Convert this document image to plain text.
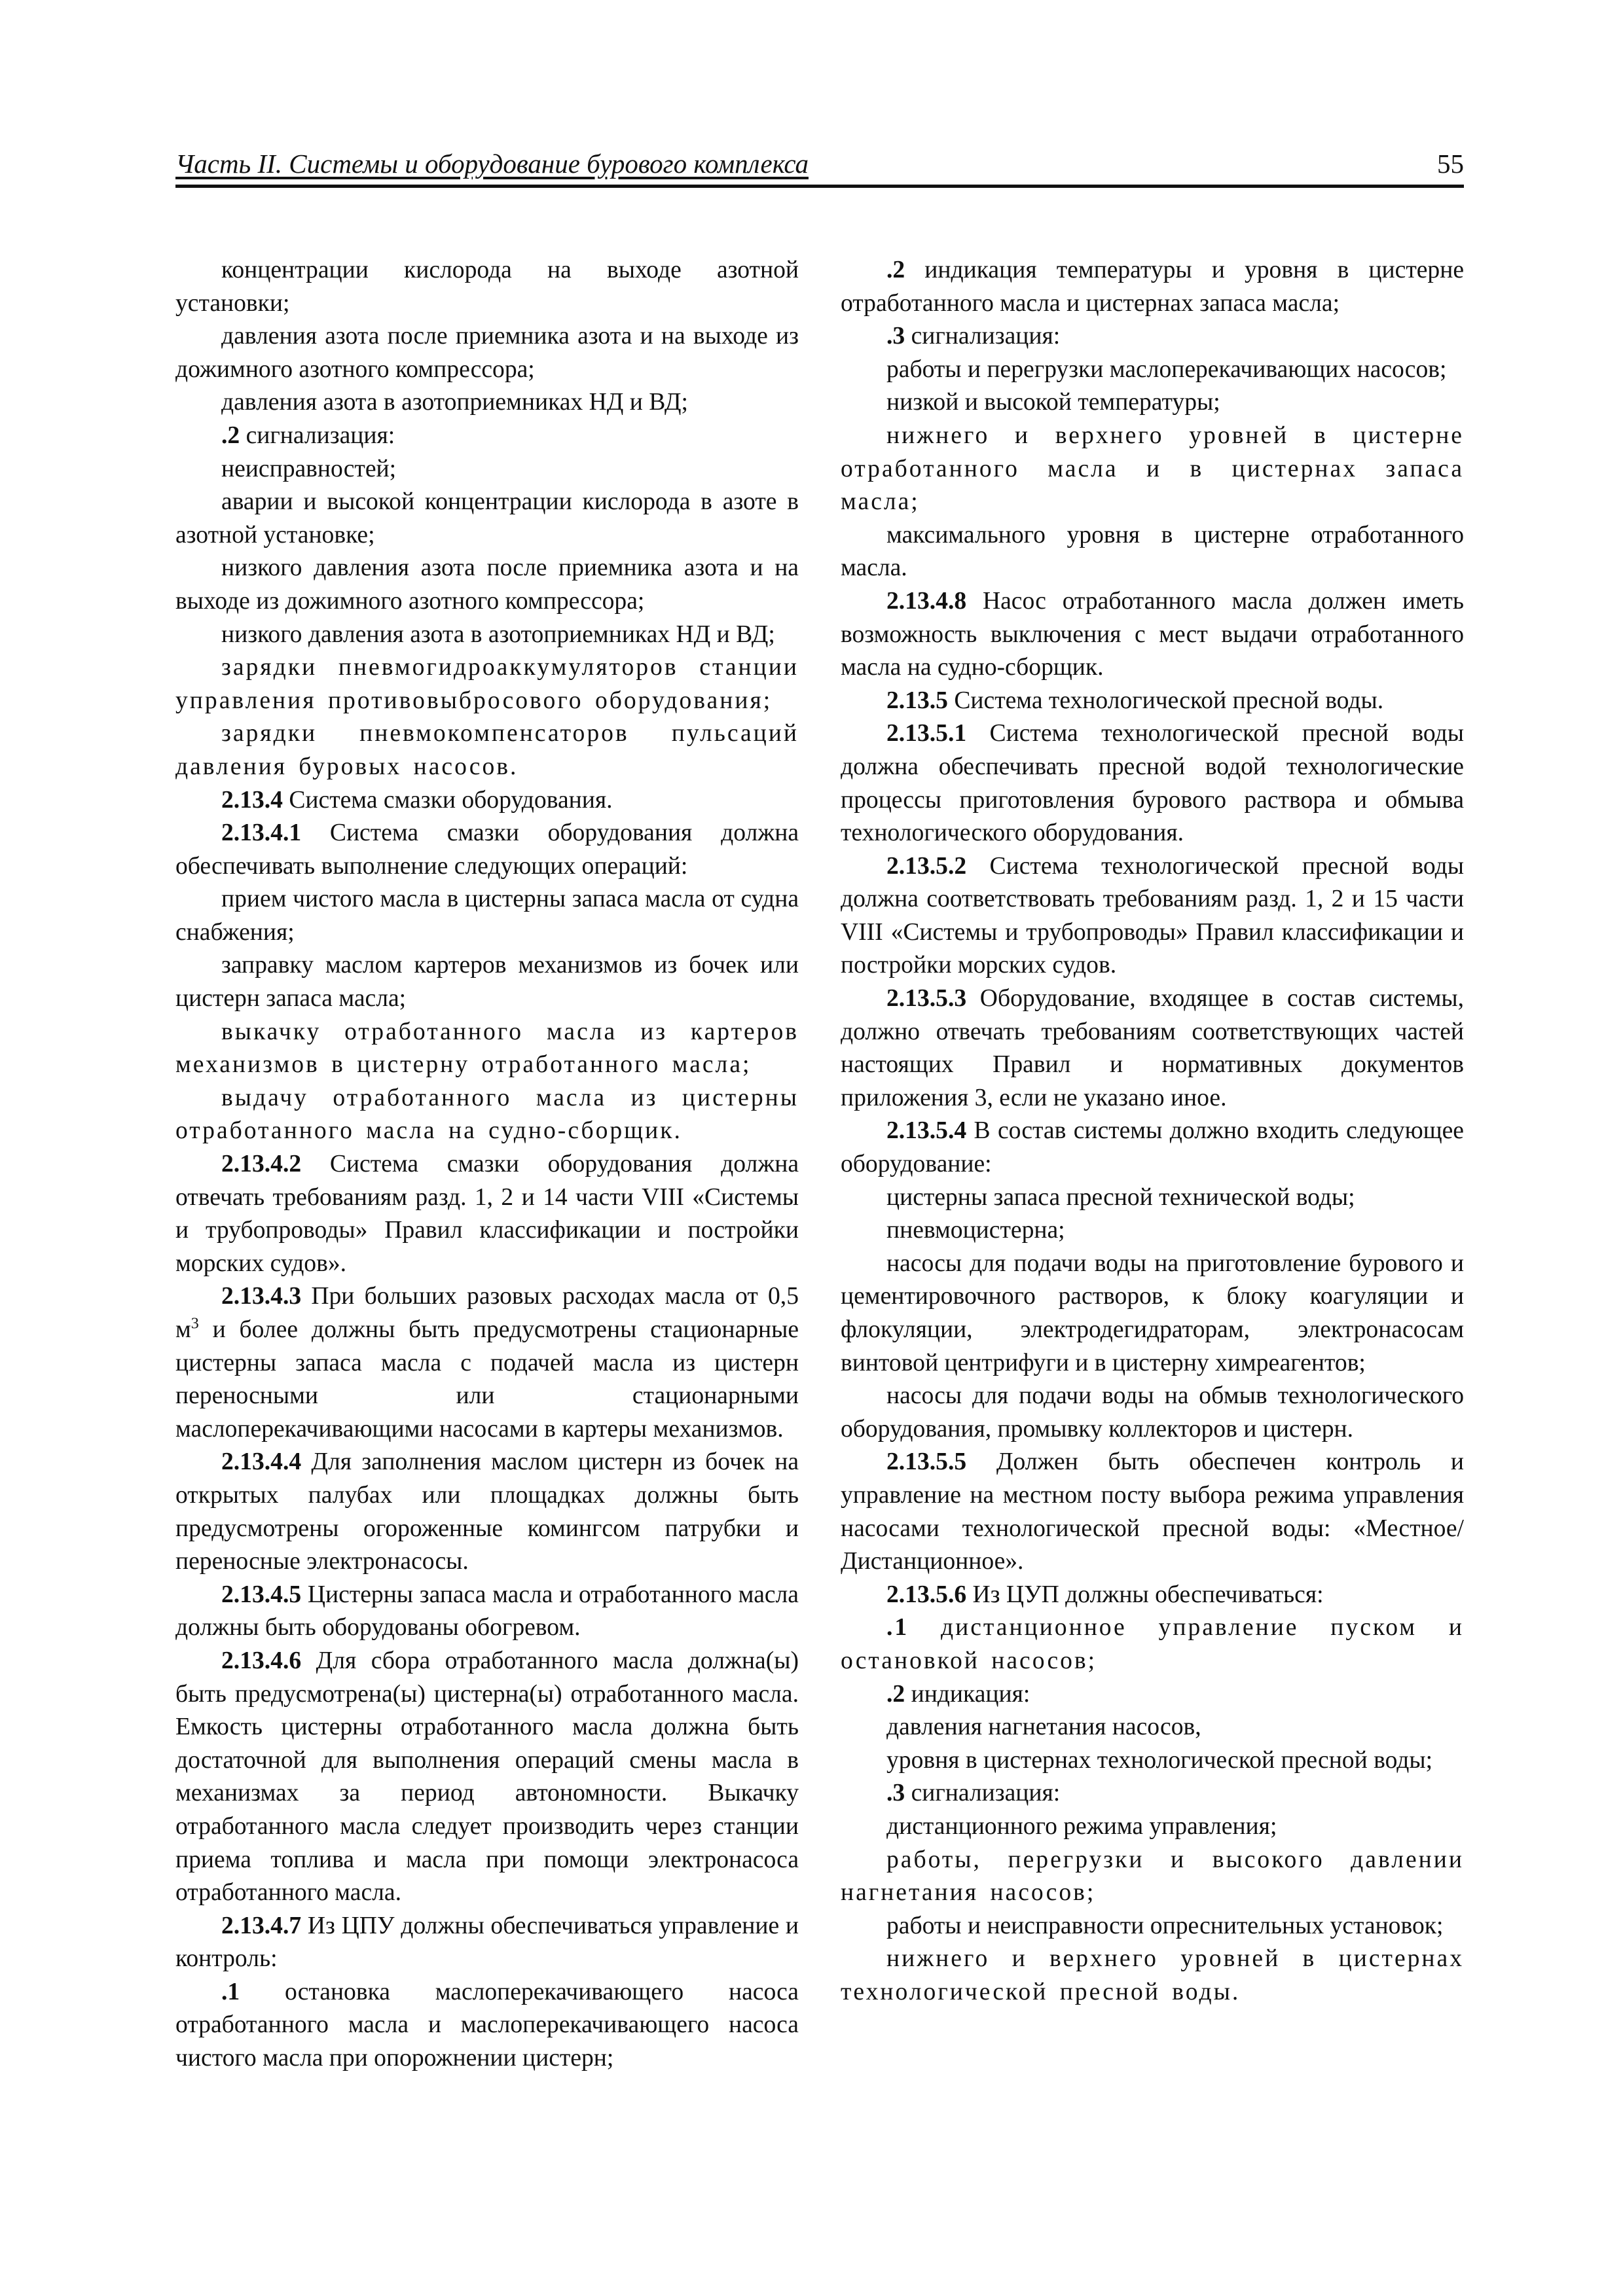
Часть II. Системы и оборудование бурового комплекса	55

концентрации кислорода на выходе азотной установки;

давления азота после приемника азота и на выходе из дожимного азотного компрессора;

давления азота в азотоприемниках НД и ВД;

.2 сигнализация:

неисправностей;

аварии и высокой концентрации кислорода в азоте в азотной установке;

низкого давления азота после приемника азота и на выходе из дожимного азотного компрессора;

низкого давления азота в азотоприемниках НД и ВД;

зарядки пневмогидроаккумуляторов станции управления противовыбросового оборудования;

зарядки пневмокомпенсаторов пульсаций давления буровых насосов.

2.13.4 Система смазки оборудования.

2.13.4.1 Система смазки оборудования должна обеспечивать выполнение следующих операций:

прием чистого масла в цистерны запаса масла от судна снабжения;

заправку маслом картеров механизмов из бочек или цистерн запаса масла;

выкачку отработанного масла из картеров механизмов в цистерну отработанного масла;

выдачу отработанного масла из цистерны отработанного масла на судно-сборщик.

2.13.4.2 Система смазки оборудования должна отвечать требованиям разд. 1, 2 и 14 части VIII «Системы и трубопроводы» Правил классификации и постройки морских судов».

2.13.4.3 При больших разовых расходах масла от 0,5 $м^3$ и более должны быть предусмотрены стационарные цистерны запаса масла с подачей масла из цистерн переносными или стационарными маслоперекачивающими насосами в картеры механизмов.

2.13.4.4 Для заполнения маслом цистерн из бочек на открытых палубах или площадках должны быть предусмотрены огороженные комингсом патрубки и переносные электронасосы.

2.13.4.5 Цистерны запаса масла и отработанного масла должны быть оборудованы обогревом.

2.13.4.6 Для сбора отработанного масла должна(ы) быть предусмотрена(ы) цистерна(ы) отработанного масла. Емкость цистерны отработанного масла должна быть достаточной для выполнения операций смены масла в механизмах за период автономности. Выкачку отработанного масла следует производить через станции приема топлива и масла при помощи электронасоса отработанного масла.

2.13.4.7 Из ЦПУ должны обеспечиваться управление и контроль:

.1 остановка маслоперекачивающего насоса отработанного масла и маслоперекачивающего насоса чистого масла при опорожнении цистерн;

.2 индикация температуры и уровня в цистерне отработанного масла и цистернах запаса масла;

.3 сигнализация:

работы и перегрузки маслоперекачивающих насосов;

низкой и высокой температуры;

нижнего и верхнего уровней в цистерне отработанного масла и в цистернах запаса масла;

максимального уровня в цистерне отработанного масла.

2.13.4.8 Насос отработанного масла должен иметь возможность выключения с мест выдачи отработанного масла на судно-сборщик.

2.13.5 Система технологической пресной воды.

2.13.5.1 Система технологической пресной воды должна обеспечивать пресной водой технологические процессы приготовления бурового раствора и обмыва технологического оборудования.

2.13.5.2 Система технологической пресной воды должна соответствовать требованиям разд. 1, 2 и 15 части VIII «Системы и трубопроводы» Правил классификации и постройки морских судов.

2.13.5.3 Оборудование, входящее в состав системы, должно отвечать требованиям соответствующих частей настоящих Правил и нормативных документов приложения 3, если не указано иное.

2.13.5.4 В состав системы должно входить следующее оборудование:

цистерны запаса пресной технической воды;

пневмоцистерна;

насосы для подачи воды на приготовление бурового и цементировочного растворов, к блоку коагуляции и флокуляции, электродегидраторам, электронасосам винтовой центрифуги и в цистерну химреагентов;

насосы для подачи воды на обмыв технологического оборудования, промывку коллекторов и цистерн.

2.13.5.5 Должен быть обеспечен контроль и управление на местном посту выбора режима управления насосами технологической пресной воды: «Местное/Дистанционное».

2.13.5.6 Из ЦУП должны обеспечиваться:

.1 дистанционное управление пуском и остановкой насосов;

.2 индикация:

давления нагнетания насосов,

уровня в цистернах технологической пресной воды;

.3 сигнализация:

дистанционного режима управления;

работы, перегрузки и высокого давлении нагнетания насосов;

работы и неисправности опреснительных установок;

нижнего и верхнего уровней в цистернах технологической пресной воды.
